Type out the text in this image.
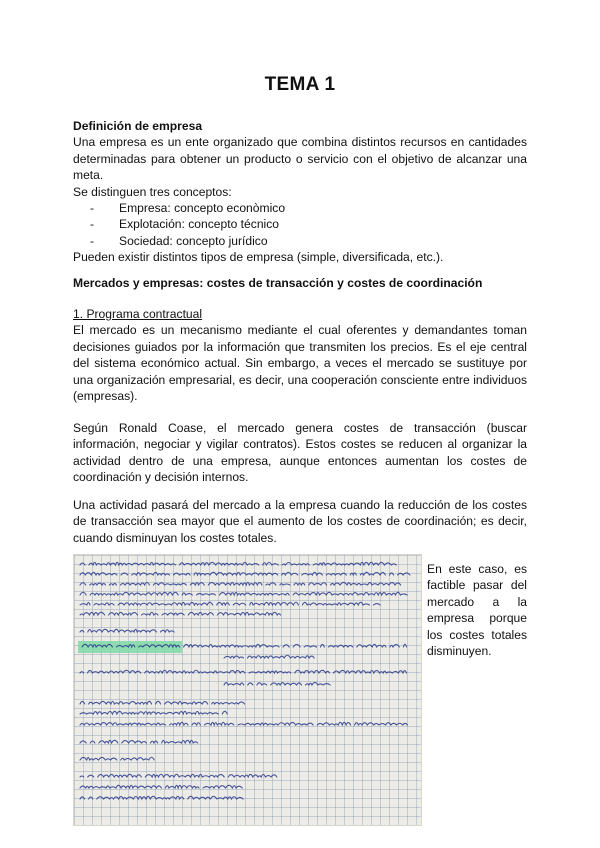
TEMA 1
Definición de empresa
Una empresa es un ente organizado que combina distintos recursos en cantidades determinadas para obtener un producto o servicio con el objetivo de alcanzar una meta.
Se distinguen tres conceptos:
- Empresa: concepto econòmico
- Explotación: concepto técnico
- Sociedad: concepto jurídico
Pueden existir distintos tipos de empresa (simple, diversificada, etc.).
Mercados y empresas: costes de transacción y costes de coordinación
1. Programa contractual
El mercado es un mecanismo mediante el cual oferentes y demandantes toman decisiones guiados por la información que transmiten los precios. Es el eje central del sistema económico actual. Sin embargo, a veces el mercado se sustituye por una organización empresarial, es decir, una cooperación consciente entre individuos (empresas).
Según Ronald Coase, el mercado genera costes de transacción (buscar información, negociar y vigilar contratos). Estos costes se reducen al organizar la actividad dentro de una empresa, aunque entonces aumentan los costes de coordinación y decisión internos.
Una actividad pasará del mercado a la empresa cuando la reducción de los costes de transacción sea mayor que el aumento de los costes de coordinación; es decir, cuando disminuyan los costes totales.
En este caso, es factible pasar del mercado a la empresa porque los costes totales disminuyen.
